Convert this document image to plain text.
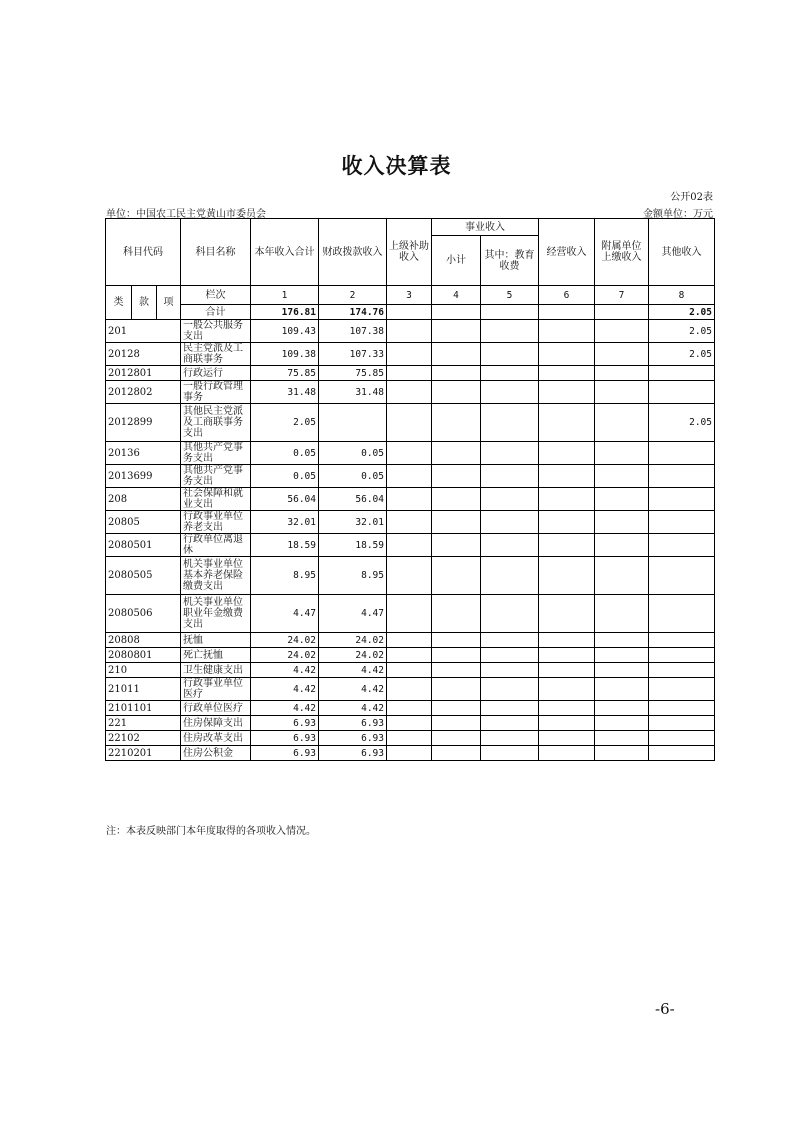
收入决算表
公开02表
单位：中国农工民主党黄山市委员会	金额单位：万元
科目代码			科目名称	本年收入合计	财政拨款收入	上级补助收入	事业收入		经营收入	附属单位上缴收入	其他收入
							小计	其中：教育收费			
类	款	项	栏次	1	2	3	4	5	6	7	8
			合计	176.81	174.76						2.05
201			一般公共服务支出	109.43	107.38						2.05
20128			民主党派及工商联事务	109.38	107.33						2.05
2012801			行政运行	75.85	75.85						
2012802			一般行政管理事务	31.48	31.48						
2012899			其他民主党派及工商联事务支出	2.05							2.05
20136			其他共产党事务支出	0.05	0.05						
2013699			其他共产党事务支出	0.05	0.05						
208			社会保障和就业支出	56.04	56.04						
20805			行政事业单位养老支出	32.01	32.01						
2080501			行政单位离退休	18.59	18.59						
2080505			机关事业单位基本养老保险缴费支出	8.95	8.95						
2080506			机关事业单位职业年金缴费支出	4.47	4.47						
20808			抚恤	24.02	24.02						
2080801			死亡抚恤	24.02	24.02						
210			卫生健康支出	4.42	4.42						
21011			行政事业单位医疗	4.42	4.42						
2101101			行政单位医疗	4.42	4.42						
221			住房保障支出	6.93	6.93						
22102			住房改革支出	6.93	6.93						
2210201			住房公积金	6.93	6.93						
注：本表反映部门本年度取得的各项收入情况。
-6-
